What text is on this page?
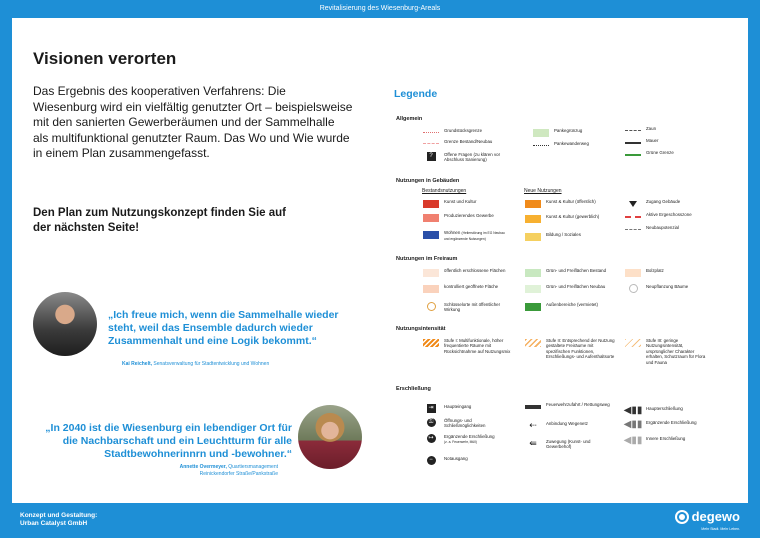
Revitalisierung des Wiesenburg-Areals
Visionen verorten
Das Ergebnis des kooperativen Verfahrens: Die Wiesenburg wird ein vielfältig genutzter Ort – beispielsweise mit den sanierten Gewerberäumen und der Sammelhalle als multifunktional genutzter Raum. Das Wo und Wie wurde in einem Plan zusammengefasst.
Den Plan zum Nutzungskonzept finden Sie auf der nächsten Seite!
„Ich freue mich, wenn die Sammelhalle wieder steht, weil das Ensemble dadurch wieder Zusammenhalt und eine Logik bekommt.“
Kai Reichelt, Senatsverwaltung für Stadtentwicklung und Wohnen
„In 2040 ist die Wiesenburg ein lebendiger Ort für die Nachbarschaft und ein Leuchtturm für alle Stadtbewohnerinnrn und -bewohner.“
Annette Overmeyer, Quartiersmanagement
Reinickendorfer Straße/Pankstraße
Legende
Allgemein
Grundstücksgrenze
Grenze Bestand/Neubau
?	Offene Fragen (zu klären vor Abschluss Sanierung)
Pankegrünzug
Pankewanderweg
Zaun
Mauer
Grüne Grenze
Nutzungen in Gebäuden
Bestandsnutzungen	Neue Nutzungen
Kunst und Kultur
Produzierendes Gewerbe
Wohnen (Heilerstörung im EG Neubau und ergänzende Nutzungen)
Kunst & Kultur (öffentlich)
Kunst & Kultur (gewerblich)
Bildung / Soziales
Zugang Gebäude
Aktive Ergeschosszone
Neubaupotenzial
Nutzungen im Freiraum
öffentlich erschlossene Flächen
kontrolliert geöffnete Fläche
Schlüsselorte mit öffentlicher Wirkung
Grün- und Freiflächen Bestand
Grün- und Freiflächen Neubau
Außenbereiche (vermietet)
Bolzplatz
Neupflanzung Bäume
Nutzungsintensität
Stufe I: Multifunktionale, höher frequentierte Räume mit Rücksichtnahme auf Nutzungsmix
Stufe II: Entsprechend der Nutzung gestaltete Freiräume mit spezifischen Funktionen, Erschließungs- und Aufenthaltsorte
Stufe III: geringe Nutzungsintensität, ursprünglicher Charakter erhalten, Schutzraum für Flora und Fauna
Erschließung
⇥	Haupteingang
⚿	Öffnungs- und Schließmöglichkeiten
↦	Ergänzende Erschließung
(z. a. Feuerwehr, Müll)
−	Notausgang
Feuerwehrzufahrt / Rettungsweg
⇠ Anbindung Wegenetz
⇚ Zuwegung (Kunst- und Gewerbehof)
◀▮▮ Haupterschließung
◀▮▮ Ergänzende Erschließung
◀▮▮ Innere Erschließung
Konzept und Gestaltung:
Urban Catalyst GmbH	degewo
Mehr Stadt. Mehr Leben.
